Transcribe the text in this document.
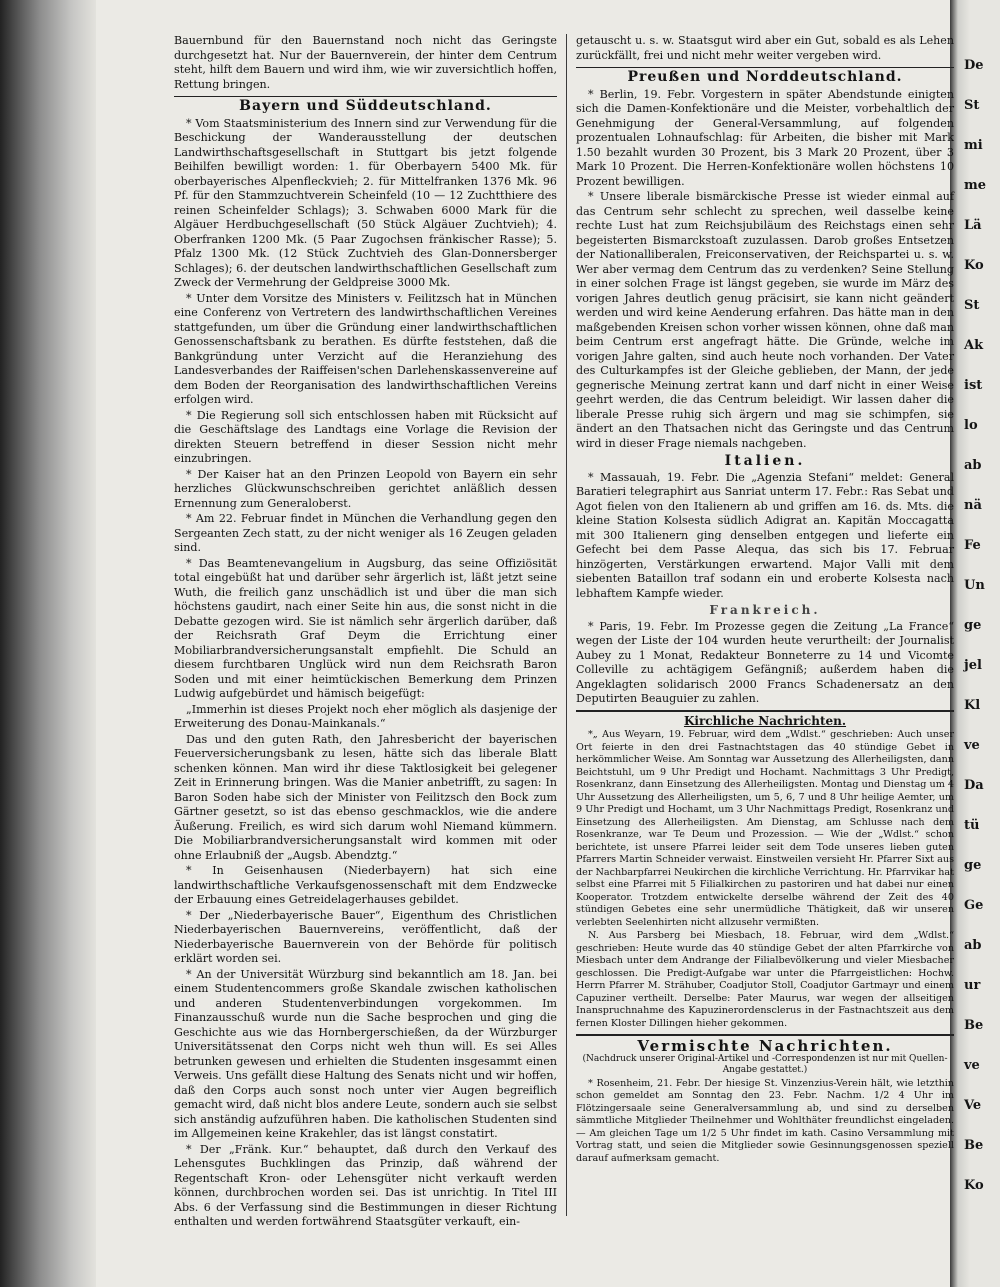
De
St
mi
me
Lä
Ko
St
Ak
ist
lo
ab
nä
Fe
Un
ge
jel
Kl
ve
Da
tü
ge
Ge
ab
ur
Be
ve
Ve
Be
Ko

Bauernbund für den Bauernstand noch nicht das Geringste durchgesetzt hat. Nur der Bauernverein, der hinter dem Centrum steht, hilft dem Bauern und wird ihm, wie wir zuversichtlich hoffen, Rettung bringen.

Bayern und Süddeutschland.

* Vom Staatsministerium des Innern sind zur Verwendung für die Beschickung der Wanderausstellung der deutschen Landwirthschaftsgesellschaft in Stuttgart bis jetzt folgende Beihilfen bewilligt worden: 1. für Oberbayern 5400 Mk. für oberbayerisches Alpenfleckvieh; 2. für Mittelfranken 1376 Mk. 96 Pf. für den Stammzuchtverein Scheinfeld (10 — 12 Zuchtthiere des reinen Scheinfelder Schlags); 3. Schwaben 6000 Mark für die Algäuer Herdbuchgesellschaft (50 Stück Algäuer Zuchtvieh); 4. Oberfranken 1200 Mk. (5 Paar Zugochsen fränkischer Rasse); 5. Pfalz 1300 Mk. (12 Stück Zuchtvieh des Glan-Donnersberger Schlages); 6. der deutschen landwirthschaftlichen Gesellschaft zum Zweck der Vermehrung der Geldpreise 3000 Mk.

* Unter dem Vorsitze des Ministers v. Feilitzsch hat in München eine Conferenz von Vertretern des landwirthschaftlichen Vereines stattgefunden, um über die Gründung einer landwirthschaftlichen Genossenschaftsbank zu berathen. Es dürfte feststehen, daß die Bankgründung unter Verzicht auf die Heranziehung des Landesverbandes der Raiffeisen'schen Darlehenskassenvereine auf dem Boden der Reorganisation des landwirthschaftlichen Vereins erfolgen wird.

* Die Regierung soll sich entschlossen haben mit Rücksicht auf die Geschäftslage des Landtags eine Vorlage die Revision der direkten Steuern betreffend in dieser Session nicht mehr einzubringen.

* Der Kaiser hat an den Prinzen Leopold von Bayern ein sehr herzliches Glückwunschschreiben gerichtet anläßlich dessen Ernennung zum Generaloberst.

* Am 22. Februar findet in München die Verhandlung gegen den Sergeanten Zech statt, zu der nicht weniger als 16 Zeugen geladen sind.

* Das Beamtenevangelium in Augsburg, das seine Offiziösität total eingebüßt hat und darüber sehr ärgerlich ist, läßt jetzt seine Wuth, die freilich ganz unschädlich ist und über die man sich höchstens gaudirt, nach einer Seite hin aus, die sonst nicht in die Debatte gezogen wird. Sie ist nämlich sehr ärgerlich darüber, daß der Reichsrath Graf Deym die Errichtung einer Mobiliarbrandversicherungsanstalt empfiehlt. Die Schuld an diesem furchtbaren Unglück wird nun dem Reichsrath Baron Soden und mit einer heimtückischen Bemerkung dem Prinzen Ludwig aufgebürdet und hämisch beigefügt:

„Immerhin ist dieses Projekt noch eher möglich als dasjenige der Erweiterung des Donau-Mainkanals.“

Das und den guten Rath, den Jahresbericht der bayerischen Feuerversicherungsbank zu lesen, hätte sich das liberale Blatt schenken können. Man wird ihr diese Taktlosigkeit bei gelegener Zeit in Erinnerung bringen. Was die Manier anbetrifft, zu sagen: In Baron Soden habe sich der Minister von Feilitzsch den Bock zum Gärtner gesetzt, so ist das ebenso geschmacklos, wie die andere Äußerung. Freilich, es wird sich darum wohl Niemand kümmern. Die Mobiliarbrandversicherungsanstalt wird kommen mit oder ohne Erlaubniß der „Augsb. Abendztg.“

* In Geisenhausen (Niederbayern) hat sich eine landwirthschaftliche Verkaufsgenossenschaft mit dem Endzwecke der Erbauung eines Getreidelagerhauses gebildet.

* Der „Niederbayerische Bauer“, Eigenthum des Christlichen Niederbayerischen Bauernvereins, veröffentlicht, daß der Niederbayerische Bauernverein von der Behörde für politisch erklärt worden sei.

* An der Universität Würzburg sind bekanntlich am 18. Jan. bei einem Studentencommers große Skandale zwischen katholischen und anderen Studentenverbindungen vorgekommen. Im Finanzausschuß wurde nun die Sache besprochen und ging die Geschichte aus wie das Hornbergerschießen, da der Würzburger Universitätssenat den Corps nicht weh thun will. Es sei Alles betrunken gewesen und erhielten die Studenten insgesammt einen Verweis. Uns gefällt diese Haltung des Senats nicht und wir hoffen, daß den Corps auch sonst noch unter vier Augen begreiflich gemacht wird, daß nicht blos andere Leute, sondern auch sie selbst sich anständig aufzuführen haben. Die katholischen Studenten sind im Allgemeinen keine Krakehler, das ist längst constatirt.

* Der „Fränk. Kur.“ behauptet, daß durch den Verkauf des Lehensgutes Buchklingen das Prinzip, daß während der Regentschaft Kron- oder Lehensgüter nicht verkauft werden können, durchbrochen worden sei. Das ist unrichtig. In Titel III Abs. 6 der Verfassung sind die Bestimmungen in dieser Richtung enthalten und werden fortwährend Staatsgüter verkauft, ein-

getauscht u. s. w. Staatsgut wird aber ein Gut, sobald es als Lehen zurückfällt, frei und nicht mehr weiter vergeben wird.

Preußen und Norddeutschland.

* Berlin, 19. Febr. Vorgestern in später Abendstunde einigten sich die Damen-Konfektionäre und die Meister, vorbehaltlich der Genehmigung der General-Versammlung, auf folgenden prozentualen Lohnaufschlag: für Arbeiten, die bisher mit Mark 1.50 bezahlt wurden 30 Prozent, bis 3 Mark 20 Prozent, über 3 Mark 10 Prozent. Die Herren-Konfektionäre wollen höchstens 10 Prozent bewilligen.

* Unsere liberale bismärckische Presse ist wieder einmal auf das Centrum sehr schlecht zu sprechen, weil dasselbe keine rechte Lust hat zum Reichsjubiläum des Reichstags einen sehr begeisterten Bismarckstoaſt zuzulassen. Darob großes Entsetzen der Nationalliberalen, Freiconservativen, der Reichspartei u. s. w. Wer aber vermag dem Centrum das zu verdenken? Seine Stellung in einer solchen Frage ist längst gegeben, sie wurde im März des vorigen Jahres deutlich genug präcisirt, sie kann nicht geändert werden und wird keine Aenderung erfahren. Das hätte man in den maßgebenden Kreisen schon vorher wissen können, ohne daß man beim Centrum erst angefragt hätte. Die Gründe, welche im vorigen Jahre galten, sind auch heute noch vorhanden. Der Vater des Culturkampfes ist der Gleiche geblieben, der Mann, der jede gegnerische Meinung zertrat kann und darf nicht in einer Weise geehrt werden, die das Centrum beleidigt. Wir lassen daher die liberale Presse ruhig sich ärgern und mag sie schimpfen, sie ändert an den Thatsachen nicht das Geringste und das Centrum wird in dieser Frage niemals nachgeben.

Italien.

* Massauah, 19. Febr. Die „Agenzia Stefani“ meldet: General Baratieri telegraphirt aus Sanriat unterm 17. Febr.: Ras Sebat und Agot fielen von den Italienern ab und griffen am 16. ds. Mts. die kleine Station Kolsesta südlich Adigrat an. Kapitän Moccagatta mit 300 Italienern ging denselben entgegen und lieferte ein Gefecht bei dem Passe Alequa, das sich bis 17. Februar hinzögerten, Verstärkungen erwartend. Major Valli mit dem siebenten Bataillon traf sodann ein und eroberte Kolsesta nach lebhaftem Kampfe wieder.

Frankreich.

* Paris, 19. Febr. Im Prozesse gegen die Zeitung „La France“ wegen der Liste der 104 wurden heute verurtheilt: der Journalist Aubey zu 1 Monat, Redakteur Bonneterre zu 14 und Vicomte Colleville zu achtägigem Gefängniß; außerdem haben die Angeklagten solidarisch 2000 Francs Schadenersatz an den Deputirten Beauguier zu zahlen.

Kirchliche Nachrichten.

*„ Aus Weyarn, 19. Februar, wird dem „Wdlst.“ geschrieben: Auch unser Ort feierte in den drei Fastnachtstagen das 40 stündige Gebet in herkömmlicher Weise. Am Sonntag war Aussetzung des Allerheiligsten, dann Beichtstuhl, um 9 Uhr Predigt und Hochamt. Nachmittags 3 Uhr Predigt, Rosenkranz, dann Einsetzung des Allerheiligsten. Montag und Dienstag um 4 Uhr Aussetzung des Allerheiligsten, um 5, 6, 7 und 8 Uhr heilige Aemter, um 9 Uhr Predigt und Hochamt, um 3 Uhr Nachmittags Predigt, Rosenkranz und Einsetzung des Allerheiligsten. Am Dienstag, am Schlusse nach dem Rosenkranze, war Te Deum und Prozession. — Wie der „Wdlst.“ schon berichtete, ist unsere Pfarrei leider seit dem Tode unseres lieben guten Pfarrers Martin Schneider verwaist. Einstweilen versieht Hr. Pfarrer Sixt aus der Nachbarpfarrei Neukirchen die kirchliche Verrichtung. Hr. Pfarrvikar hat selbst eine Pfarrei mit 5 Filialkirchen zu pastoriren und hat dabei nur einen Kooperator. Trotzdem entwickelte derselbe während der Zeit des 40 stündigen Gebetes eine sehr unermüdliche Thätigkeit, daß wir unseren verlebten Seelenhirten nicht allzusehr vermißten.

N. Aus Parsberg bei Miesbach, 18. Februar, wird dem „Wdlst.“ geschrieben: Heute wurde das 40 stündige Gebet der alten Pfarrkirche von Miesbach unter dem Andrange der Filialbevölkerung und vieler Miesbacher geschlossen. Die Predigt-Aufgabe war unter die Pfarrgeistlichen: Hochw. Herrn Pfarrer M. Strähuber, Coadjutor Stoll, Coadjutor Gartmayr und einem Capuziner vertheilt. Derselbe: Pater Maurus, war wegen der allseitigen Inanspruchnahme des Kapuzinerordensclerus in der Fastnachtszeit aus dem fernen Kloster Dillingen hieher gekommen.

Vermischte Nachrichten.
(Nachdruck unserer Original-Artikel und -Correspondenzen ist nur mit Quellen-Angabe gestattet.)

* Rosenheim, 21. Febr. Der hiesige St. Vinzenzius-Verein hält, wie letzthin schon gemeldet am Sonntag den 23. Febr. Nachm. 1/2 4 Uhr im Flötzingersaale seine Generalversammlung ab, und sind zu derselben sämmtliche Mitglieder Theilnehmer und Wohlthäter freundlichst eingeladen. — Am gleichen Tage um 1/2 5 Uhr findet im kath. Casino Versammlung mit Vortrag statt, und seien die Mitglieder sowie Gesinnungsgenossen speziell darauf aufmerksam gemacht.
